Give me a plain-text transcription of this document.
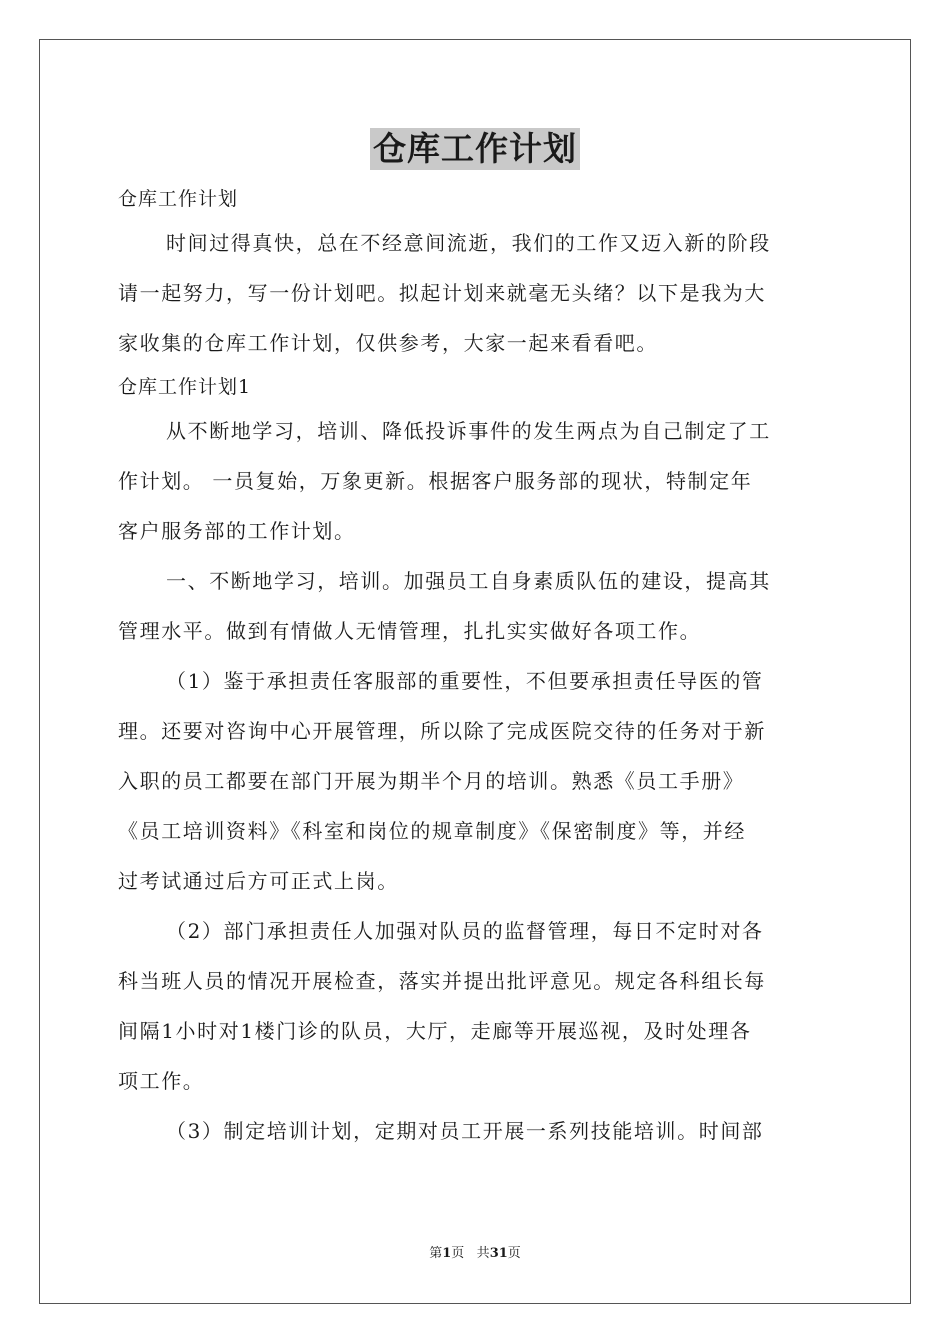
仓库工作计划
仓库工作计划
时间过得真快，总在不经意间流逝，我们的工作又迈入新的阶段
请一起努力，写一份计划吧。拟起计划来就毫无头绪？以下是我为大
家收集的仓库工作计划，仅供参考，大家一起来看看吧。
仓库工作计划1
从不断地学习，培训、降低投诉事件的发生两点为自己制定了工
作计划。 一员复始，万象更新。根据客户服务部的现状，特制定年
客户服务部的工作计划。
一、不断地学习，培训。加强员工自身素质队伍的建设，提高其
管理水平。做到有情做人无情管理，扎扎实实做好各项工作。
（1）鉴于承担责任客服部的重要性，不但要承担责任导医的管
理。还要对咨询中心开展管理，所以除了完成医院交待的任务对于新
入职的员工都要在部门开展为期半个月的培训。熟悉《员工手册》
《员工培训资料》《科室和岗位的规章制度》《保密制度》等，并经
过考试通过后方可正式上岗。
（2）部门承担责任人加强对队员的监督管理，每日不定时对各
科当班人员的情况开展检查，落实并提出批评意见。规定各科组长每
间隔1小时对1楼门诊的队员，大厅，走廊等开展巡视，及时处理各
项工作。
（3）制定培训计划，定期对员工开展一系列技能培训。时间部
第1页 共31页
